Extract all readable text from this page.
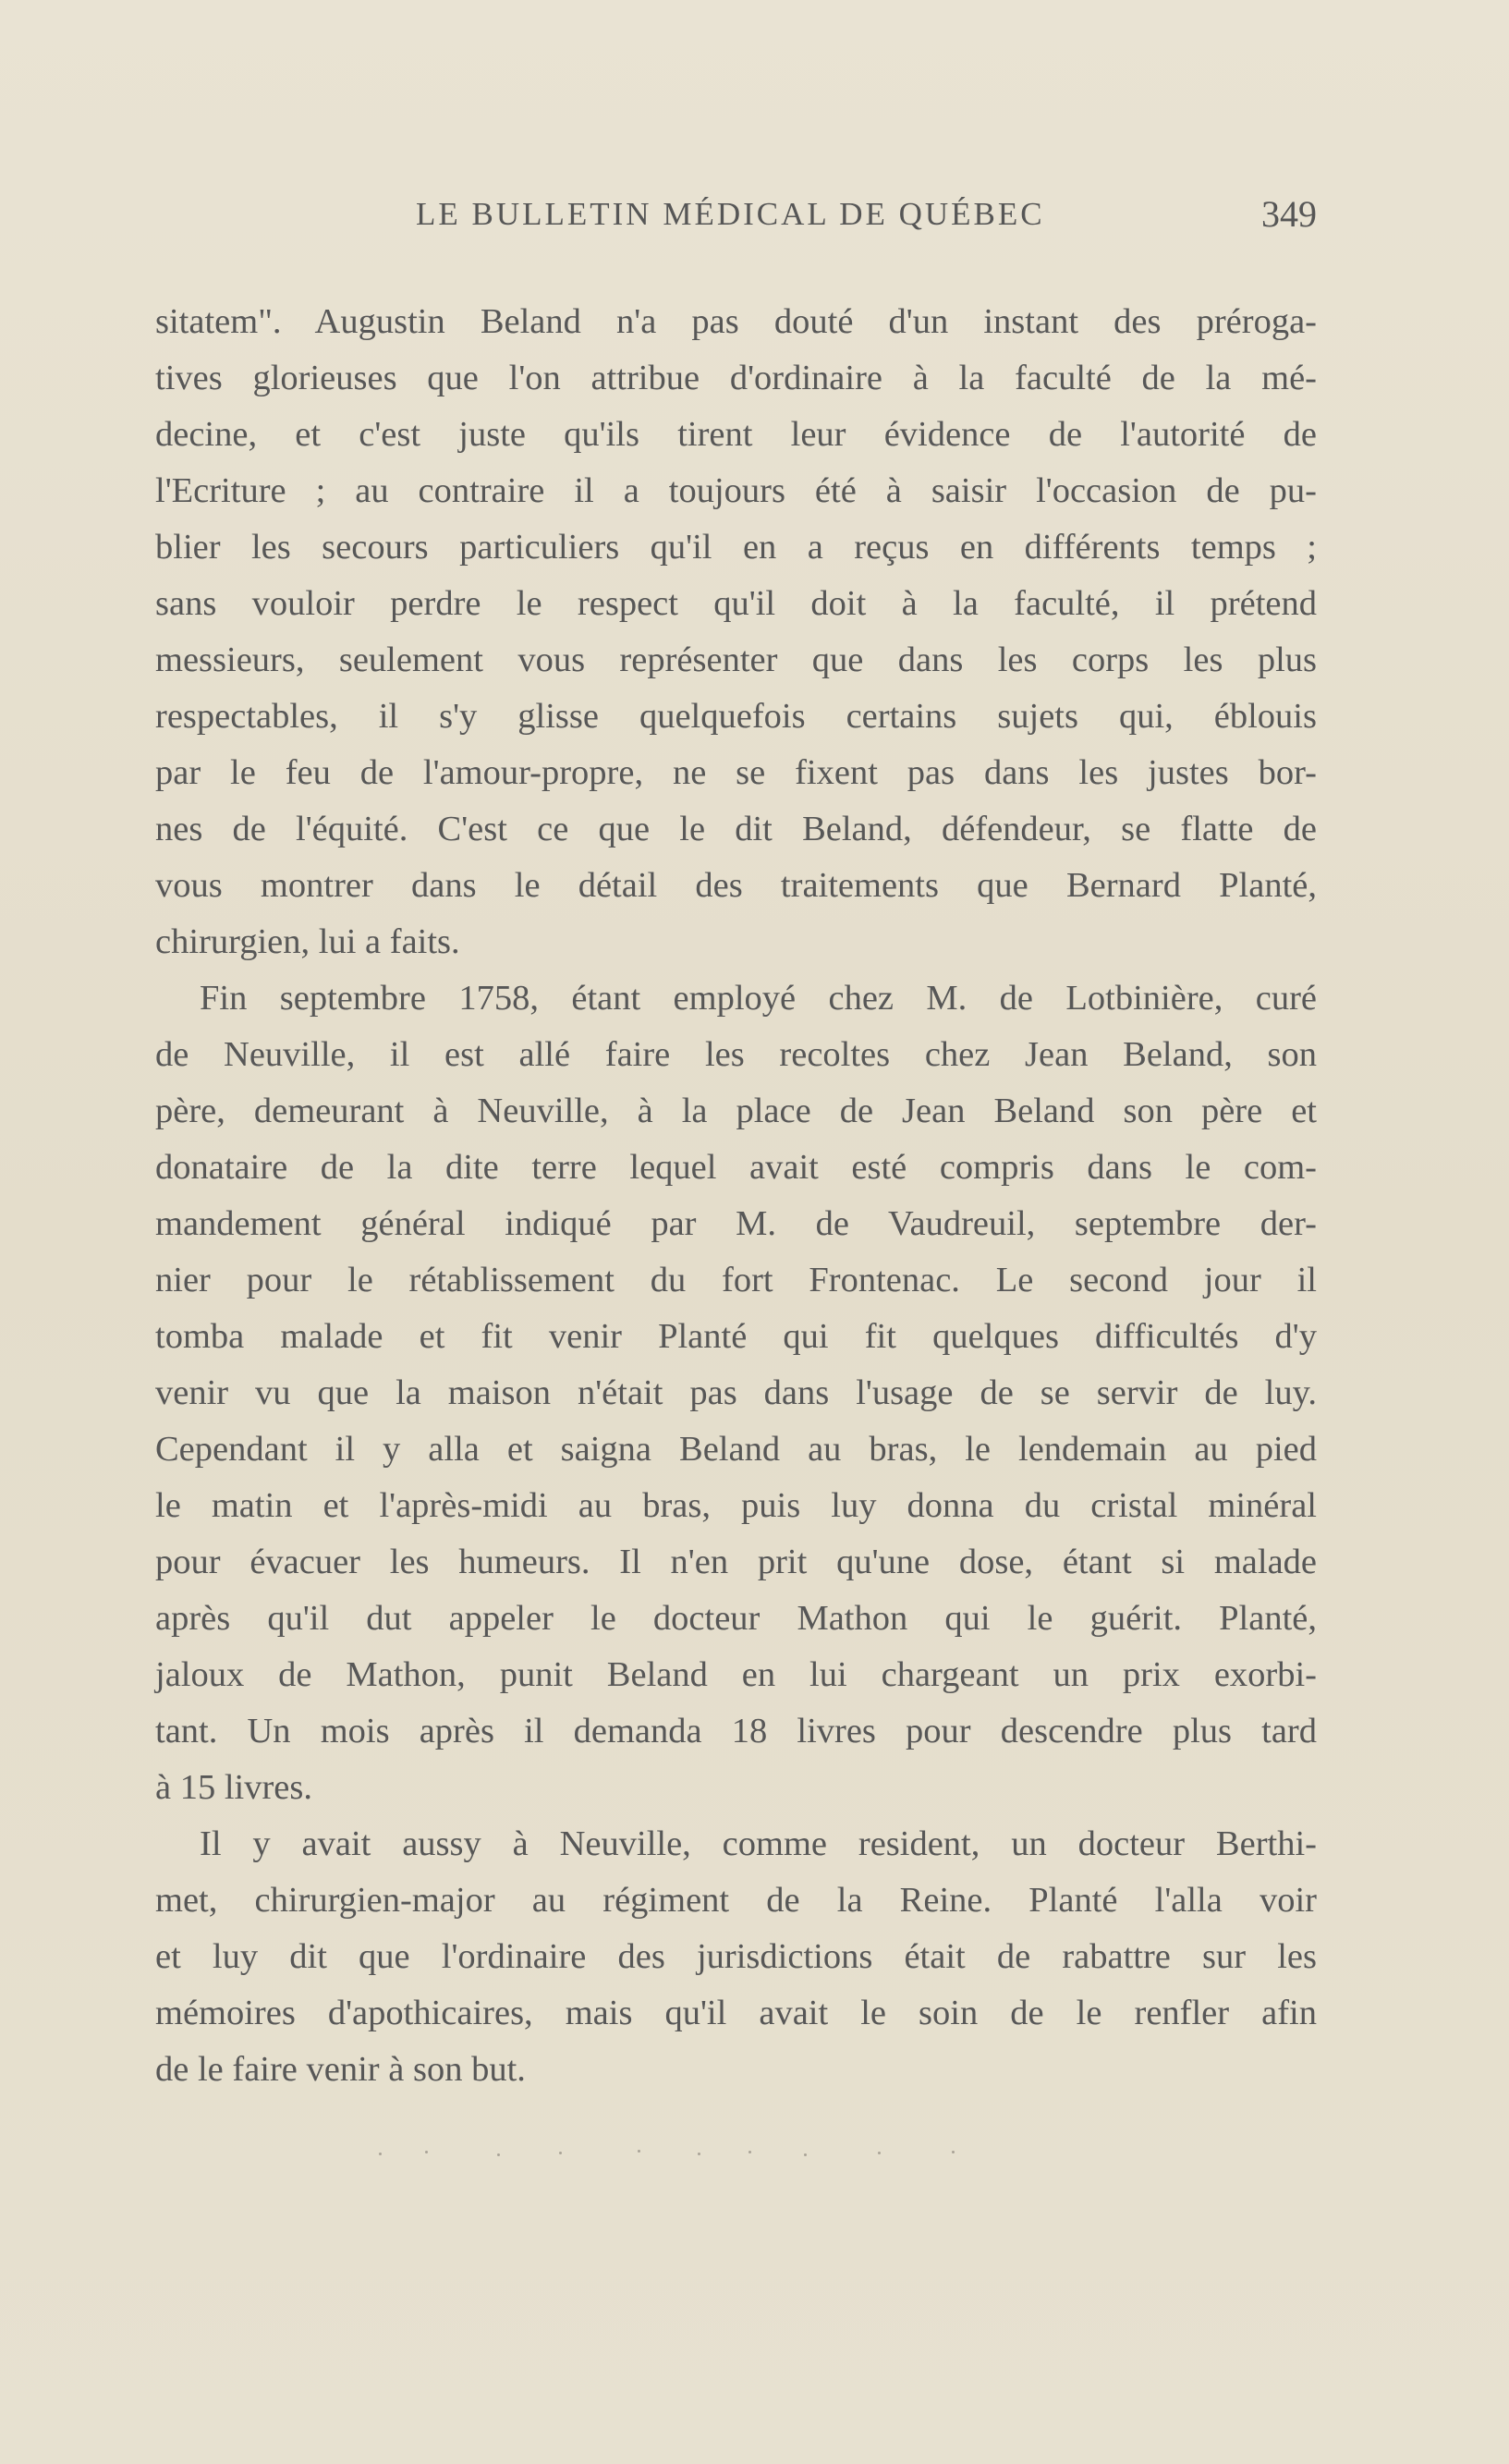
LE BULLETIN MÉDICAL DE QUÉBEC	349

sitatem". Augustin Beland n'a pas douté d'un instant des préroga-
tives glorieuses que l'on attribue d'ordinaire à la faculté de la mé-
decine, et c'est juste qu'ils tirent leur évidence de l'autorité de
l'Ecriture ; au contraire il a toujours été à saisir l'occasion de pu-
blier les secours particuliers qu'il en a reçus en différents temps ;
sans vouloir perdre le respect qu'il doit à la faculté, il prétend
messieurs, seulement vous représenter que dans les corps les plus
respectables, il s'y glisse quelquefois certains sujets qui, éblouis
par le feu de l'amour-propre, ne se fixent pas dans les justes bor-
nes de l'équité. C'est ce que le dit Beland, défendeur, se flatte de
vous montrer dans le détail des traitements que Bernard Planté,
chirurgien, lui a faits.

Fin septembre 1758, étant employé chez M. de Lotbinière, curé
de Neuville, il est allé faire les recoltes chez Jean Beland, son
père, demeurant à Neuville, à la place de Jean Beland son père et
donataire de la dite terre lequel avait esté compris dans le com-
mandement général indiqué par M. de Vaudreuil, septembre der-
nier pour le rétablissement du fort Frontenac. Le second jour il
tomba malade et fit venir Planté qui fit quelques difficultés d'y
venir vu que la maison n'était pas dans l'usage de se servir de luy.
Cependant il y alla et saigna Beland au bras, le lendemain au pied
le matin et l'après-midi au bras, puis luy donna du cristal minéral
pour évacuer les humeurs. Il n'en prit qu'une dose, étant si malade
après qu'il dut appeler le docteur Mathon qui le guérit. Planté,
jaloux de Mathon, punit Beland en lui chargeant un prix exorbi-
tant. Un mois après il demanda 18 livres pour descendre plus tard
à 15 livres.

Il y avait aussy à Neuville, comme resident, un docteur Berthi-
met, chirurgien-major au régiment de la Reine. Planté l'alla voir
et luy dit que l'ordinaire des jurisdictions était de rabattre sur les
mémoires d'apothicaires, mais qu'il avait le soin de le renfler afin
de le faire venir à son but.
